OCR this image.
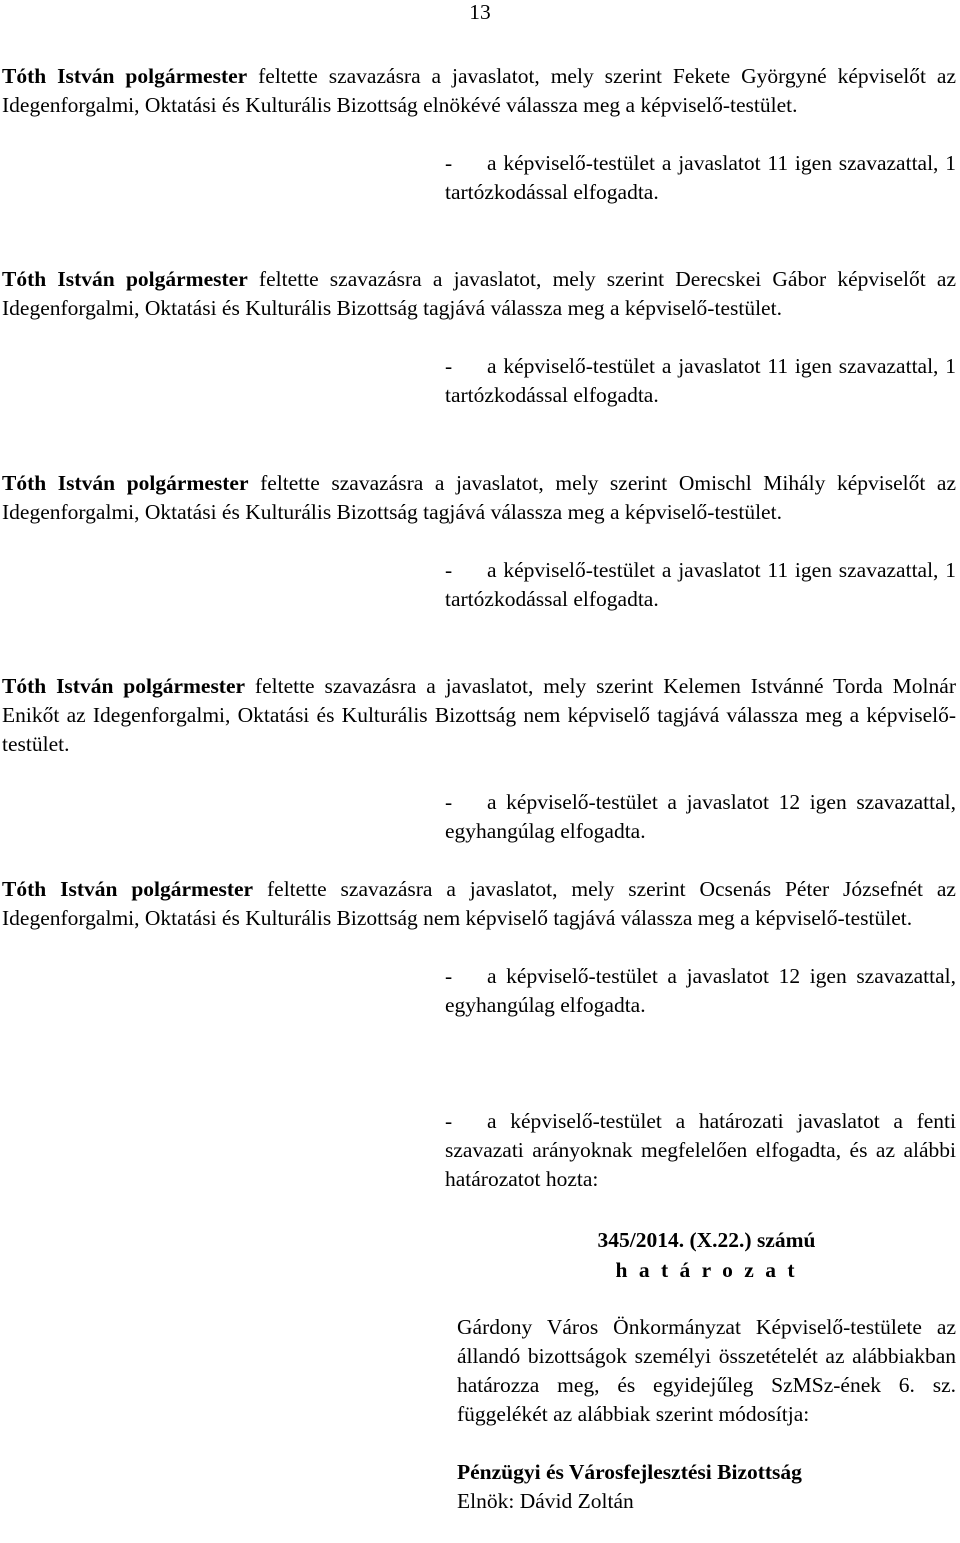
13
Tóth István polgármester feltette szavazásra a javaslatot, mely szerint Fekete Györgyné képviselőt az Idegenforgalmi, Oktatási és Kulturális Bizottság elnökévé válassza meg a képviselő-testület.
- a képviselő-testület a javaslatot 11 igen szavazattal, 1 tartózkodással elfogadta.
Tóth István polgármester feltette szavazásra a javaslatot, mely szerint Derecskei Gábor képviselőt az Idegenforgalmi, Oktatási és Kulturális Bizottság tagjává válassza meg a képviselő-testület.
- a képviselő-testület a javaslatot 11 igen szavazattal, 1 tartózkodással elfogadta.
Tóth István polgármester feltette szavazásra a javaslatot, mely szerint Omischl Mihály képviselőt az Idegenforgalmi, Oktatási és Kulturális Bizottság tagjává válassza meg a képviselő-testület.
- a képviselő-testület a javaslatot 11 igen szavazattal, 1 tartózkodással elfogadta.
Tóth István polgármester feltette szavazásra a javaslatot, mely szerint Kelemen Istvánné Torda Molnár Enikőt az Idegenforgalmi, Oktatási és Kulturális Bizottság nem képviselő tagjává válassza meg a képviselő-testület.
- a képviselő-testület a javaslatot 12 igen szavazattal, egyhangúlag elfogadta.
Tóth István polgármester feltette szavazásra a javaslatot, mely szerint Ocsenás Péter Józsefnét az Idegenforgalmi, Oktatási és Kulturális Bizottság nem képviselő tagjává válassza meg a képviselő-testület.
- a képviselő-testület a javaslatot 12 igen szavazattal, egyhangúlag elfogadta.
- a képviselő-testület a határozati javaslatot a fenti szavazati arányoknak megfelelően elfogadta, és az alábbi határozatot hozta:
345/2014. (X.22.) számú
h a t á r o z a t
Gárdony Város Önkormányzat Képviselő-testülete az állandó bizottságok személyi összetételét az alábbiakban határozza meg, és egyidejűleg SzMSz-ének 6. sz. függelékét az alábbiak szerint módosítja:
Pénzügyi és Városfejlesztési Bizottság
Elnök: Dávid Zoltán
